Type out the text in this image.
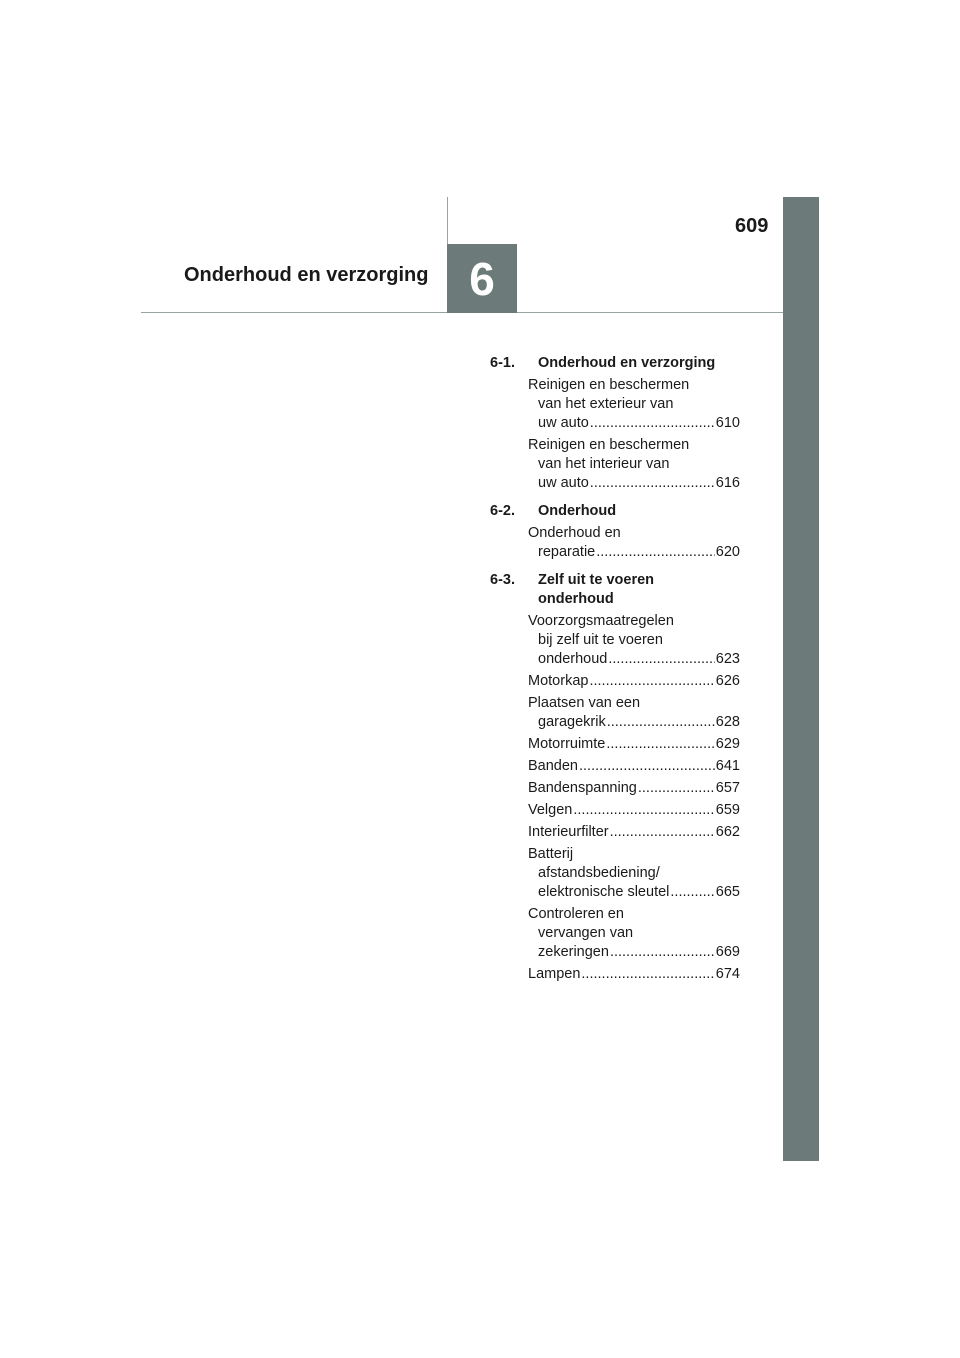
6
Onderhoud en verzorging
609
6-1.	Onderhoud en verzorging
Reinigen en beschermen
van het exterieur van
uw auto .....	610
Reinigen en beschermen
van het interieur van
uw auto .....	616
6-2.	Onderhoud
Onderhoud en
reparatie .....	620
6-3.	Zelf uit te voeren
onderhoud
Voorzorgsmaatregelen
bij zelf uit te voeren
onderhoud .....	623
Motorkap .....	626
Plaatsen van een
garagekrik .....	628
Motorruimte .....	629
Banden .....	641
Bandenspanning .....	657
Velgen .....	659
Interieurfilter .....	662
Batterij
afstandsbediening/
elektronische sleutel .....	665
Controleren en
vervangen van
zekeringen .....	669
Lampen .....	674
